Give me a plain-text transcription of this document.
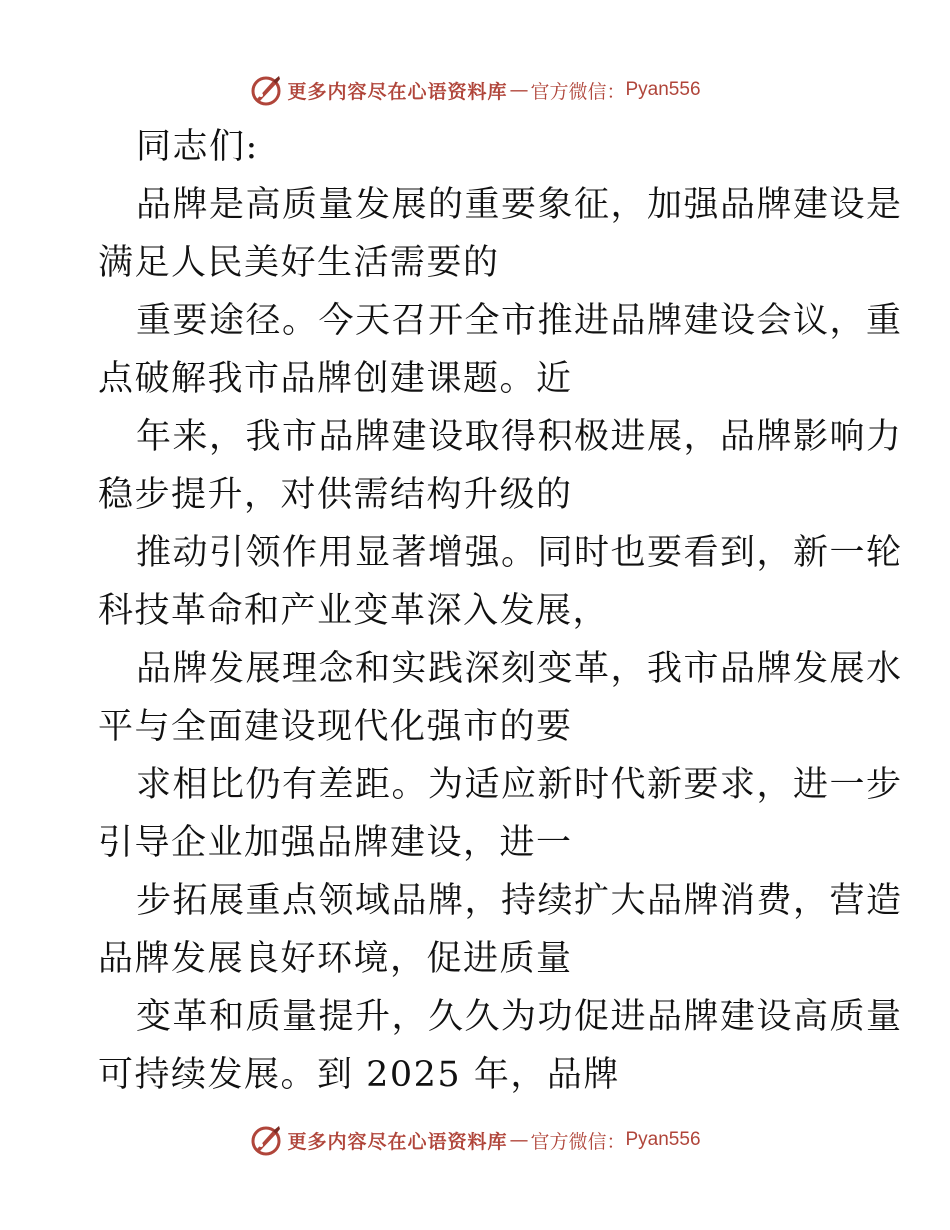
更多内容尽在心语资料库 — 官方微信： Pyan556
同志们:
品牌是高质量发展的重要象征，加强品牌建设是
满足人民美好生活需要的
重要途径。今天召开全市推进品牌建设会议，重
点破解我市品牌创建课题。近
年来，我市品牌建设取得积极进展，品牌影响力
稳步提升，对供需结构升级的
推动引领作用显著增强。同时也要看到，新一轮
科技革命和产业变革深入发展，
品牌发展理念和实践深刻变革，我市品牌发展水
平与全面建设现代化强市的要
求相比仍有差距。为适应新时代新要求，进一步
引导企业加强品牌建设，进一
步拓展重点领域品牌，持续扩大品牌消费，营造
品牌发展良好环境，促进质量
变革和质量提升，久久为功促进品牌建设高质量
可持续发展。到 2025 年，品牌
更多内容尽在心语资料库 — 官方微信： Pyan556
